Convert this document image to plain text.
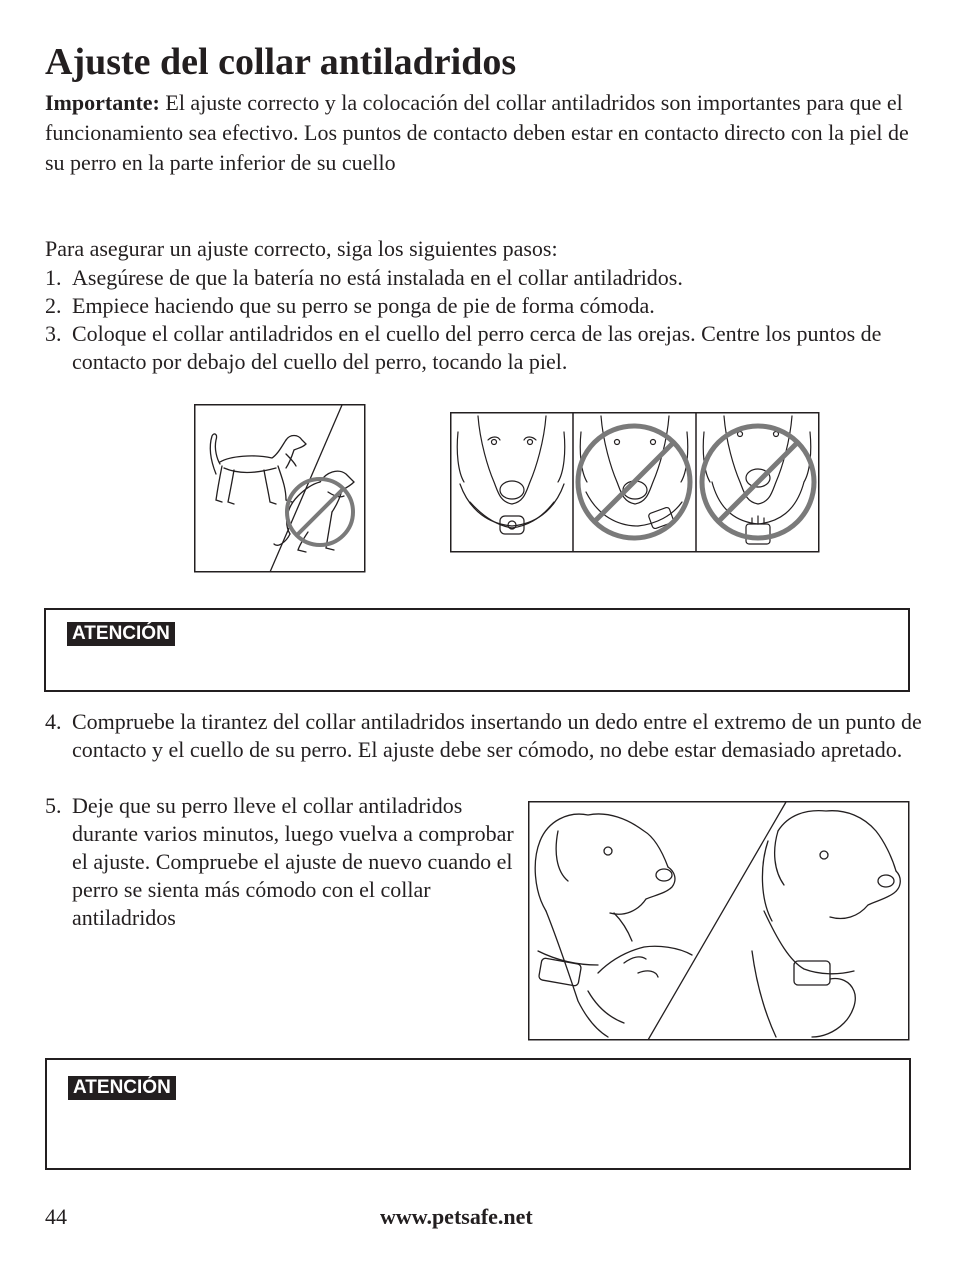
Ajuste del collar antiladridos
Importante: El ajuste correcto y la colocación del collar antiladridos son importantes para que el funcionamiento sea efectivo. Los puntos de contacto deben estar en contacto directo con la piel de su perro en la parte inferior de su cuello
Para asegurar un ajuste correcto, siga los siguientes pasos:
1. Asegúrese de que la batería no está instalada en el collar antiladridos.
2. Empiece haciendo que su perro se ponga de pie de forma cómoda.
3. Coloque el collar antiladridos en el cuello del perro cerca de las orejas. Centre los puntos de contacto por debajo del cuello del perro, tocando la piel.
ATENCIÓN
4. Compruebe la tirantez del collar antiladridos insertando un dedo entre el extremo de un punto de contacto y el cuello de su perro. El ajuste debe ser cómodo, no debe estar demasiado apretado.
5. Deje que su perro lleve el collar antiladridos durante varios minutos, luego vuelva a comprobar el ajuste. Compruebe el ajuste de nuevo cuando el perro se sienta más cómodo con el collar antiladridos
ATENCIÓN
44	www.petsafe.net
